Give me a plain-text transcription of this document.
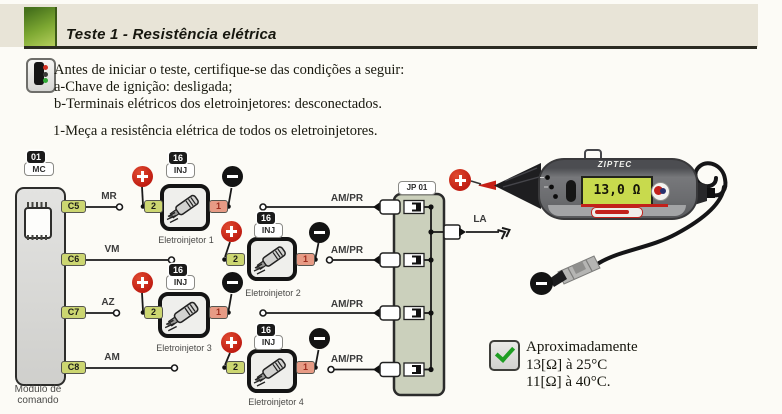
Teste 1 - Resistência elétrica
Antes de iniciar o teste, certifique-se das condições a seguir:
a-Chave de ignição: desligada;
b-Terminais elétricos dos eletroinjetores: desconectados.
1-Meça a resistência elétrica de todos os eletroinjetores.
01
MC
Módulo de
comando
C5
C6
C7
C8
MR
VM
AZ
AM
AM/PR
AM/PR
AM/PR
AM/PR
16
INJ
2	1
Eletroinjetor 1
16
INJ
2	1
Eletroinjetor 2
16
INJ
2	1
Eletroinjetor 3
16
INJ
2	1
Eletroinjetor 4
JP 01
LA
ZIPTEC
13,0 Ω
Aproximadamente
13[Ω] à 25°C
11[Ω] à 40°C.
